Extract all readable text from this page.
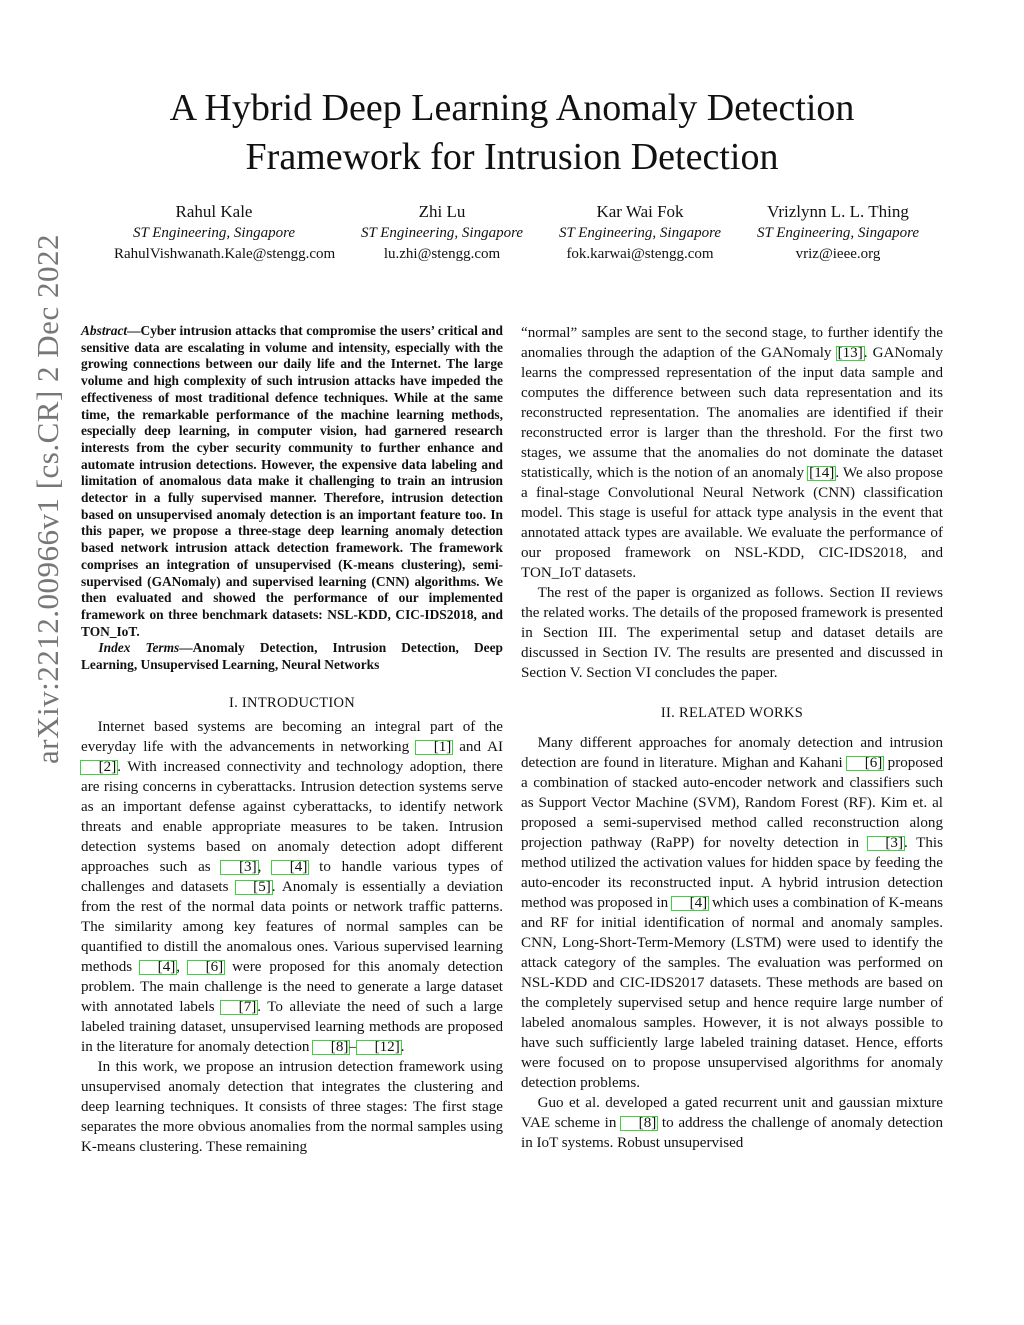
A Hybrid Deep Learning Anomaly Detection Framework for Intrusion Detection
Rahul Kale
ST Engineering, Singapore
RahulVishwanath.Kale@stengg.com
Zhi Lu
ST Engineering, Singapore
lu.zhi@stengg.com
Kar Wai Fok
ST Engineering, Singapore
fok.karwai@stengg.com
Vrizlynn L. L. Thing
ST Engineering, Singapore
vriz@ieee.org
arXiv:2212.00966v1 [cs.CR] 2 Dec 2022	Abstract—Cyber intrusion attacks that compromise the users’ critical and sensitive data are escalating in volume and intensity, especially with the growing connections between our daily life and the Internet. The large volume and high complexity of such intrusion attacks have impeded the effectiveness of most traditional defence techniques. While at the same time, the remarkable performance of the machine learning methods, especially deep learning, in computer vision, had garnered research interests from the cyber security community to further enhance and automate intrusion detections. However, the expensive data labeling and limitation of anomalous data make it challenging to train an intrusion detector in a fully supervised manner. Therefore, intrusion detection based on unsupervised anomaly detection is an important feature too. In this paper, we propose a three-stage deep learning anomaly detection based network intrusion attack detection framework. The framework comprises an integration of unsupervised (K-means clustering), semi-supervised (GANomaly) and supervised learning (CNN) algorithms. We then evaluated and showed the performance of our implemented framework on three benchmark datasets: NSL-KDD, CIC-IDS2018, and TON_IoT.

Index Terms—Anomaly Detection, Intrusion Detection, Deep Learning, Unsupervised Learning, Neural Networks

I. INTRODUCTION

Internet based systems are becoming an integral part of the everyday life with the advancements in networking [1] and AI [2]. With increased connectivity and technology adoption, there are rising concerns in cyberattacks. Intrusion detection systems serve as an important defense against cyberattacks, to identify network threats and enable appropriate measures to be taken. Intrusion detection systems based on anomaly detection adopt different approaches such as [3], [4] to handle various types of challenges and datasets [5]. Anomaly is essentially a deviation from the rest of the normal data points or network traffic patterns. The similarity among key features of normal samples can be quantified to distill the anomalous ones. Various supervised learning methods [4], [6] were proposed for this anomaly detection problem. The main challenge is the need to generate a large dataset with annotated labels [7]. To alleviate the need of such a large labeled training dataset, unsupervised learning methods are proposed in the literature for anomaly detection [8]– [12].

In this work, we propose an intrusion detection framework using unsupervised anomaly detection that integrates the clustering and deep learning techniques. It consists of three stages: The first stage separates the more obvious anomalies from the normal samples using K-means clustering. These remaining

“normal” samples are sent to the second stage, to further identify the anomalies through the adaption of the GANomaly [13]. GANomaly learns the compressed representation of the input data sample and computes the difference between such data representation and its reconstructed representation. The anomalies are identified if their reconstructed error is larger than the threshold. For the first two stages, we assume that the anomalies do not dominate the dataset statistically, which is the notion of an anomaly [14]. We also propose a final-stage Convolutional Neural Network (CNN) classification model. This stage is useful for attack type analysis in the event that annotated attack types are available. We evaluate the performance of our proposed framework on NSL-KDD, CIC-IDS2018, and TON_IoT datasets.

The rest of the paper is organized as follows. Section II reviews the related works. The details of the proposed framework is presented in Section III. The experimental setup and dataset details are discussed in Section IV. The results are presented and discussed in Section V. Section VI concludes the paper.

II. RELATED WORKS

Many different approaches for anomaly detection and intrusion detection are found in literature. Mighan and Kahani [6] proposed a combination of stacked auto-encoder network and classifiers such as Support Vector Machine (SVM), Random Forest (RF). Kim et. al proposed a semi-supervised method called reconstruction along projection pathway (RaPP) for novelty detection in [3]. This method utilized the activation values for hidden space by feeding the auto-encoder its reconstructed input. A hybrid intrusion detection method was proposed in [4] which uses a combination of K-means and RF for initial identification of normal and anomaly samples. CNN, Long-Short-Term-Memory (LSTM) were used to identify the attack category of the samples. The evaluation was performed on NSL-KDD and CIC-IDS2017 datasets. These methods are based on the completely supervised setup and hence require large number of labeled anomalous samples. However, it is not always possible to have such sufficiently large labeled training dataset. Hence, efforts were focused on to propose unsupervised algorithms for anomaly detection problems.

Guo et al. developed a gated recurrent unit and gaussian mixture VAE scheme in [8] to address the challenge of anomaly detection in IoT systems. Robust unsupervised
